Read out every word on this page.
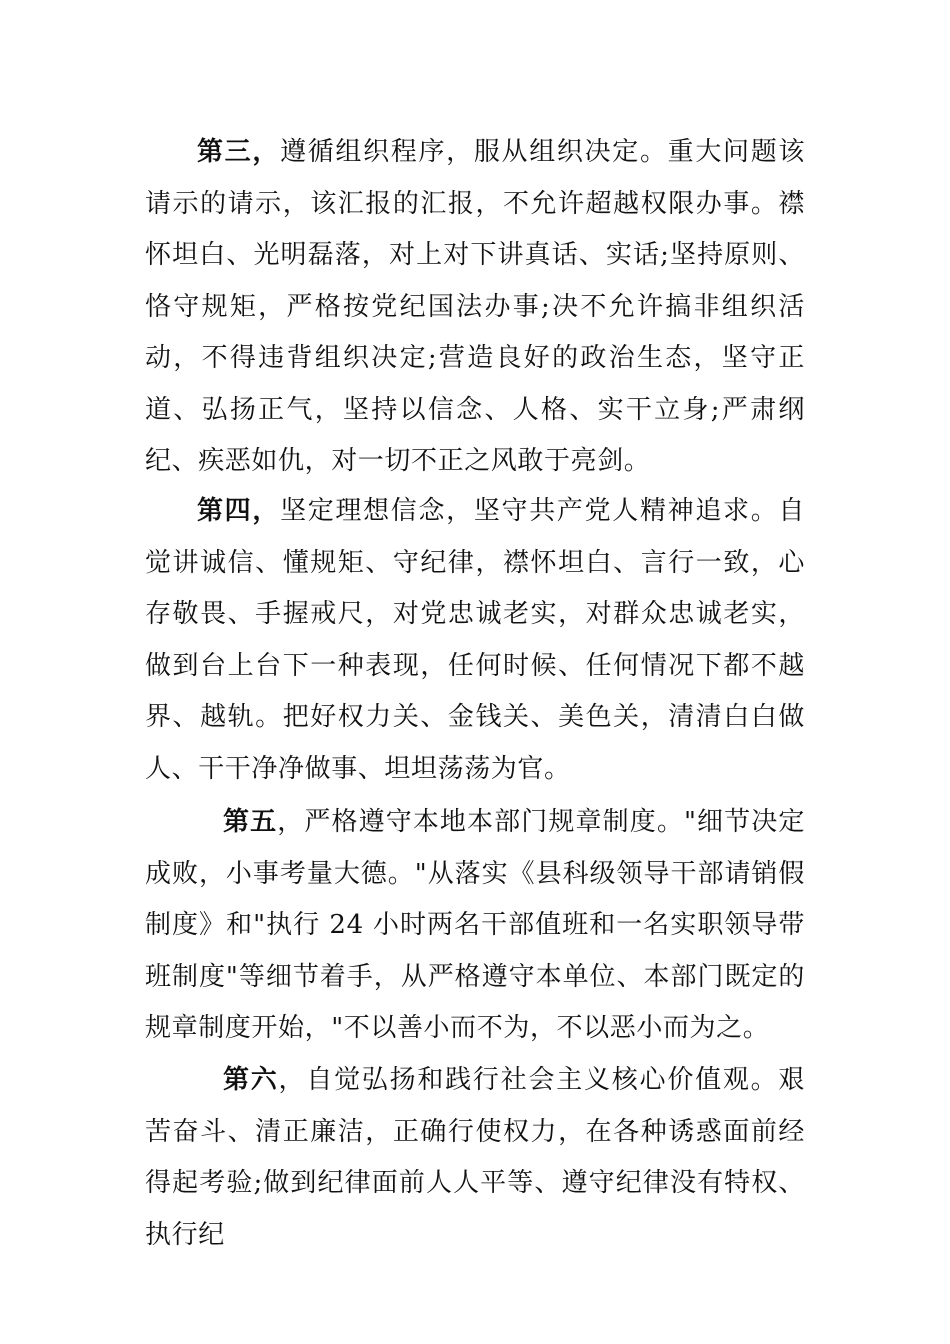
第三，遵循组织程序，服从组织决定。重大问题该请示的请示，该汇报的汇报，不允许超越权限办事。襟怀坦白、光明磊落，对上对下讲真话、实话;坚持原则、恪守规矩，严格按党纪国法办事;决不允许搞非组织活动，不得违背组织决定;营造良好的政治生态，坚守正道、弘扬正气，坚持以信念、人格、实干立身;严肃纲纪、疾恶如仇，对一切不正之风敢于亮剑。

第四，坚定理想信念，坚守共产党人精神追求。自觉讲诚信、懂规矩、守纪律，襟怀坦白、言行一致，心存敬畏、手握戒尺，对党忠诚老实，对群众忠诚老实，做到台上台下一种表现，任何时候、任何情况下都不越界、越轨。把好权力关、金钱关、美色关，清清白白做人、干干净净做事、坦坦荡荡为官。

第五，严格遵守本地本部门规章制度。"细节决定成败，小事考量大德。"从落实《县科级领导干部请销假制度》和"执行 24 小时两名干部值班和一名实职领导带班制度"等细节着手，从严格遵守本单位、本部门既定的规章制度开始，"不以善小而不为，不以恶小而为之。

第六，自觉弘扬和践行社会主义核心价值观。艰苦奋斗、清正廉洁，正确行使权力，在各种诱惑面前经得起考验;做到纪律面前人人平等、遵守纪律没有特权、执行纪
